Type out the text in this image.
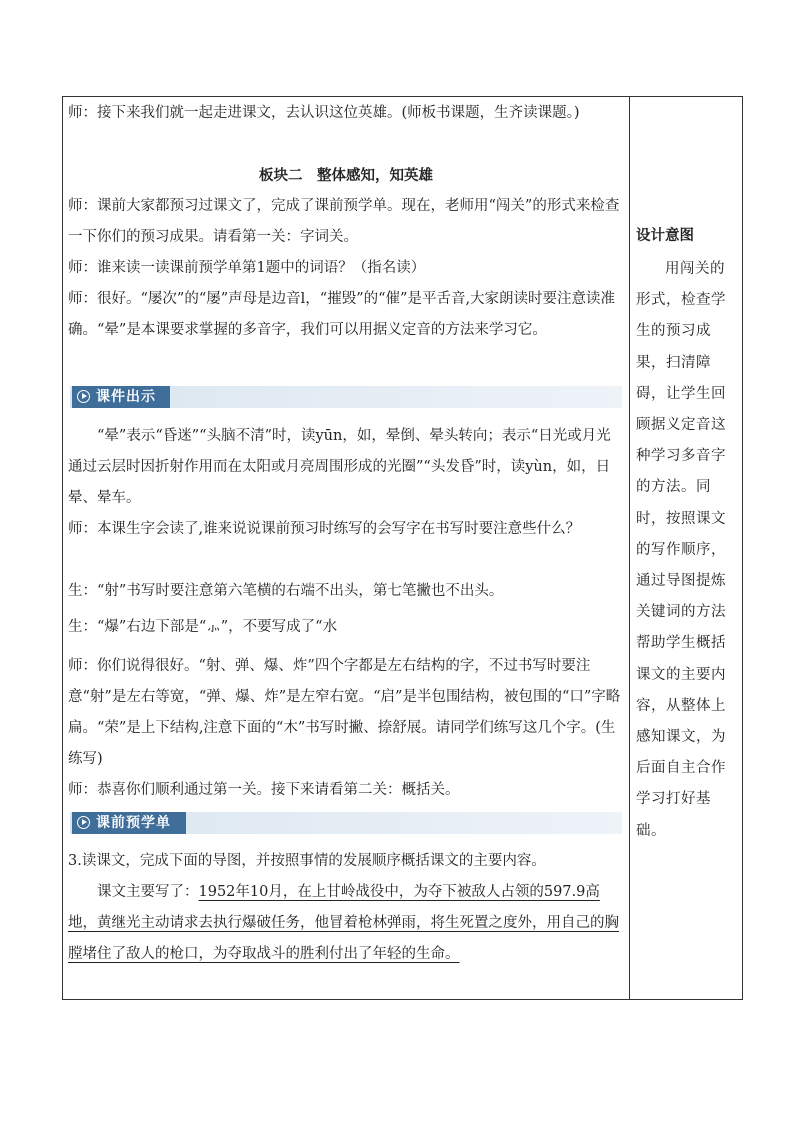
师：接下来我们就一起走进课文，去认识这位英雄。(师板书课题，生齐读课题。)

板块二　整体感知，知英雄

师：课前大家都预习过课文了，完成了课前预学单。现在，老师用“闯关”的形式来检查一下你们的预习成果。请看第一关：字词关。

师：谁来读一读课前预学单第1题中的词语？（指名读）

师：很好。“屡次”的“屡”声母是边音l，“摧毁”的“催”是平舌音,大家朗读时要注意读准确。“晕”是本课要求掌握的多音字，我们可以用据义定音的方法来学习它。

课件出示

“晕”表示“昏迷”“头脑不清”时，读yūn，如，晕倒、晕头转向；表示“日光或月光通过云层时因折射作用而在太阳或月亮周围形成的光圈”“头发昏”时，读yùn，如，日晕、晕车。

师：本课生字会读了,谁来说说课前预习时练写的会写字在书写时要注意些什么？

生：“射”书写时要注意第六笔横的右端不出头，第七笔撇也不出头。

生：“爆”右边下部是“⺗”，不要写成了“水

师：你们说得很好。“射、弹、爆、炸”四个字都是左右结构的字，不过书写时要注意“射”是左右等宽，“弹、爆、炸”是左窄右宽。“启”是半包围结构，被包围的“口”字略扁。“荣”是上下结构,注意下面的“木”书写时撇、捺舒展。请同学们练写这几个字。(生练写)

师：恭喜你们顺利通过第一关。接下来请看第二关：概括关。

课前预学单

3.读课文，完成下面的导图，并按照事情的发展顺序概括课文的主要内容。

课文主要写了：1952年10月，在上甘岭战役中，为夺下被敌人占领的597.9高地，黄继光主动请求去执行爆破任务，他冒着枪林弹雨，将生死置之度外，用自己的胸膛堵住了敌人的枪口，为夺取战斗的胜利付出了年轻的生命。

设计意图
用闯关的形式，检查学生的预习成果，扫清障碍，让学生回顾据义定音这种学习多音字的方法。同时，按照课文的写作顺序，通过导图提炼关键词的方法帮助学生概括课文的主要内容，从整体上感知课文，为后面自主合作学习打好基础。
